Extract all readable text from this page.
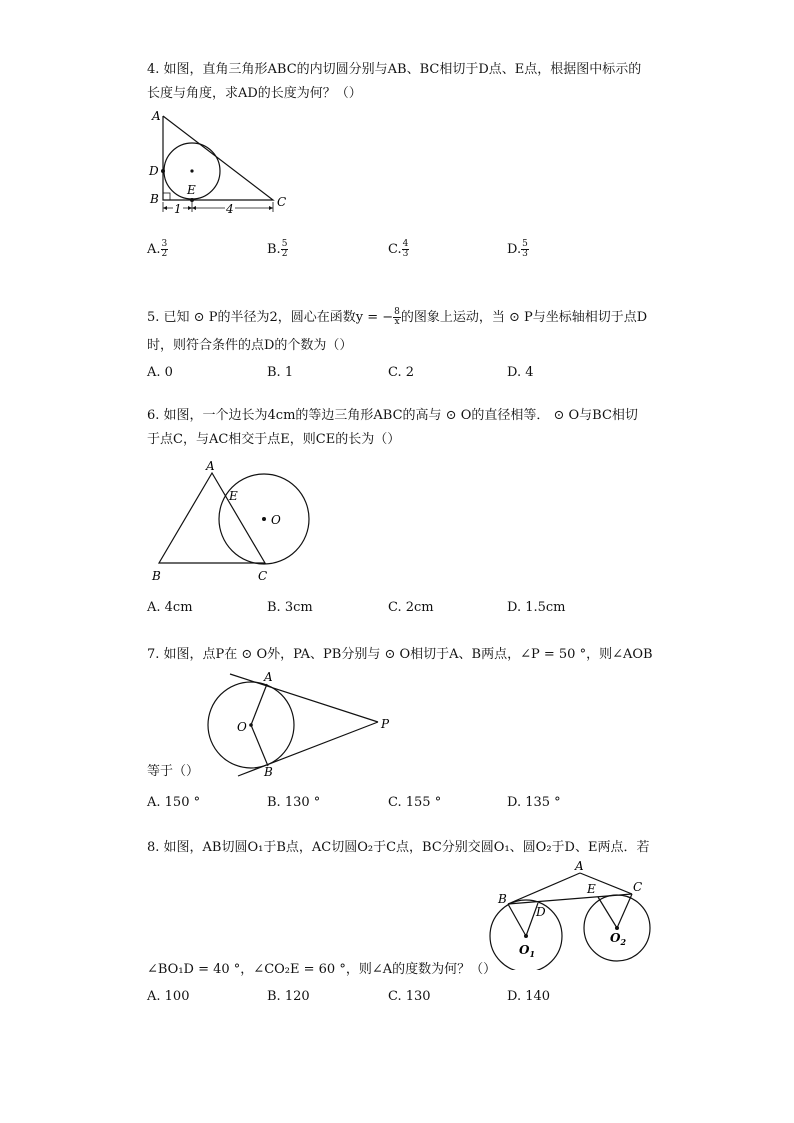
4. 如图，直角三角形ABC的内切圆分别与AB、BC相切于D点、E点，根据图中标示的
长度与角度，求AD的长度为何？（）
A
D
B
E
C
1	4
A. $\frac{3}{2}$	B. $\frac{5}{2}$	C. $\frac{4}{3}$	D. $\frac{5}{3}$
5. 已知 ⊙ P的半径为2，圆心在函数y = − $\frac{8}{x}$ 的图象上运动，当 ⊙ P与坐标轴相切于点D
时，则符合条件的点D的个数为（）
A. 0	B. 1	C. 2	D. 4
6. 如图，一个边长为4cm的等边三角形ABC的高与 ⊙ O的直径相等． ⊙ O与BC相切
于点C，与AC相交于点E，则CE的长为（）
A
E
O
B	C
A. 4cm	B. 3cm	C. 2cm	D. 1.5cm
7. 如图，点P在 ⊙ O外，PA、PB分别与 ⊙ O相切于A、B两点，∠P = 50 °，则∠AOB
A
O	P
B
等于（）
A. 150 °	B. 130 °	C. 155 °	D. 135 °
8. 如图，AB切圆O₁于B点，AC切圆O₂于C点，BC分别交圆O₁、圆O₂于D、E两点．若
A
B
D
E	C
$O_1$
$O_2$
∠BO₁D = 40 °，∠CO₂E = 60 °，则∠A的度数为何？（）
A. 100	B. 120	C. 130	D. 140
